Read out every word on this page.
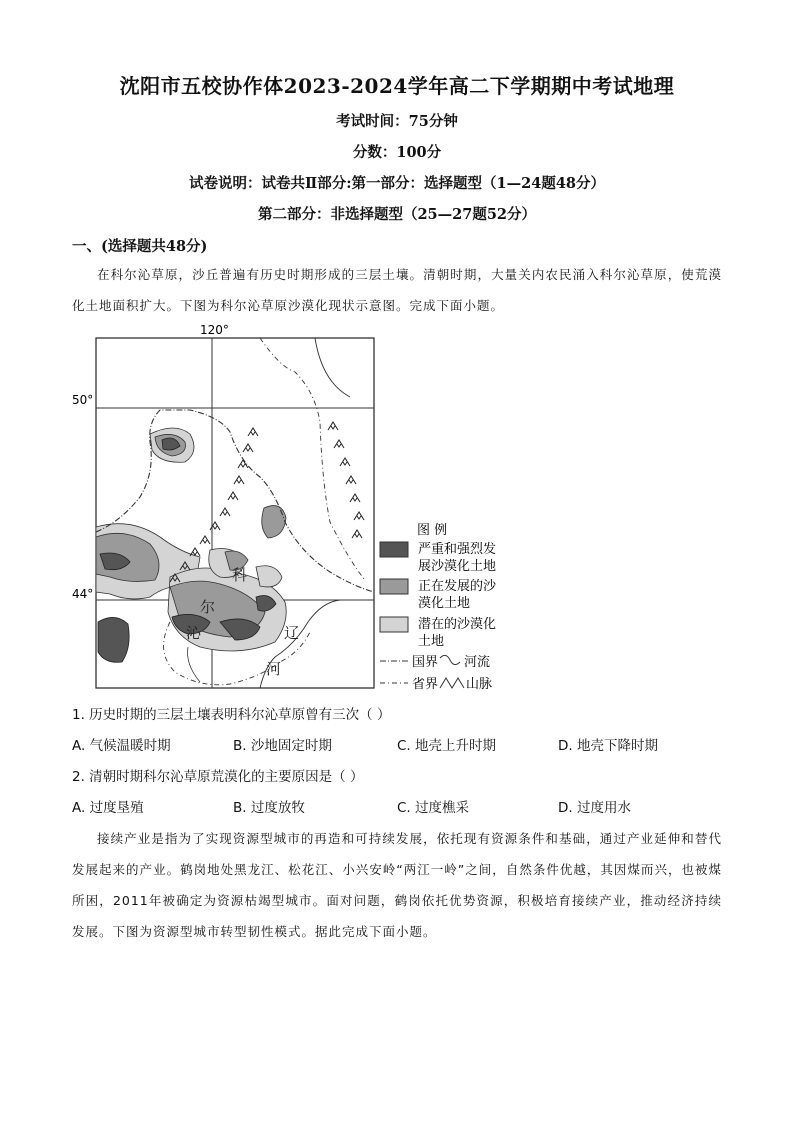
沈阳市五校协作体2023-2024学年高二下学期期中考试地理
考试时间：75分钟
分数：100分
试卷说明：试卷共Ⅱ部分:第一部分：选择题型（1—24题48分）
第二部分：非选择题型（25—27题52分）
一、(选择题共48分)
在科尔沁草原，沙丘普遍有历史时期形成的三层土壤。清朝时期，大量关内农民涌入科尔沁草原，使荒漠化土地面积扩大。下图为科尔沁草原沙漠化现状示意图。完成下面小题。
120°
50°
44°
科
尔
沁	辽
河
图 例
严重和强烈发
展沙漠化土地
正在发展的沙
漠化土地
潜在的沙漠化
土地
国界 河流
省界 山脉
1. 历史时期的三层土壤表明科尔沁草原曾有三次（ ）
A. 气候温暖时期	B. 沙地固定时期	C. 地壳上升时期	D. 地壳下降时期
2. 清朝时期科尔沁草原荒漠化的主要原因是（ ）
A. 过度垦殖	B. 过度放牧	C. 过度樵采	D. 过度用水
接续产业是指为了实现资源型城市的再造和可持续发展，依托现有资源条件和基础，通过产业延伸和替代发展起来的产业。鹤岗地处黑龙江、松花江、小兴安岭“两江一岭”之间，自然条件优越，其因煤而兴，也被煤所困，2011年被确定为资源枯竭型城市。面对问题，鹤岗依托优势资源，积极培育接续产业，推动经济持续发展。下图为资源型城市转型韧性模式。据此完成下面小题。
